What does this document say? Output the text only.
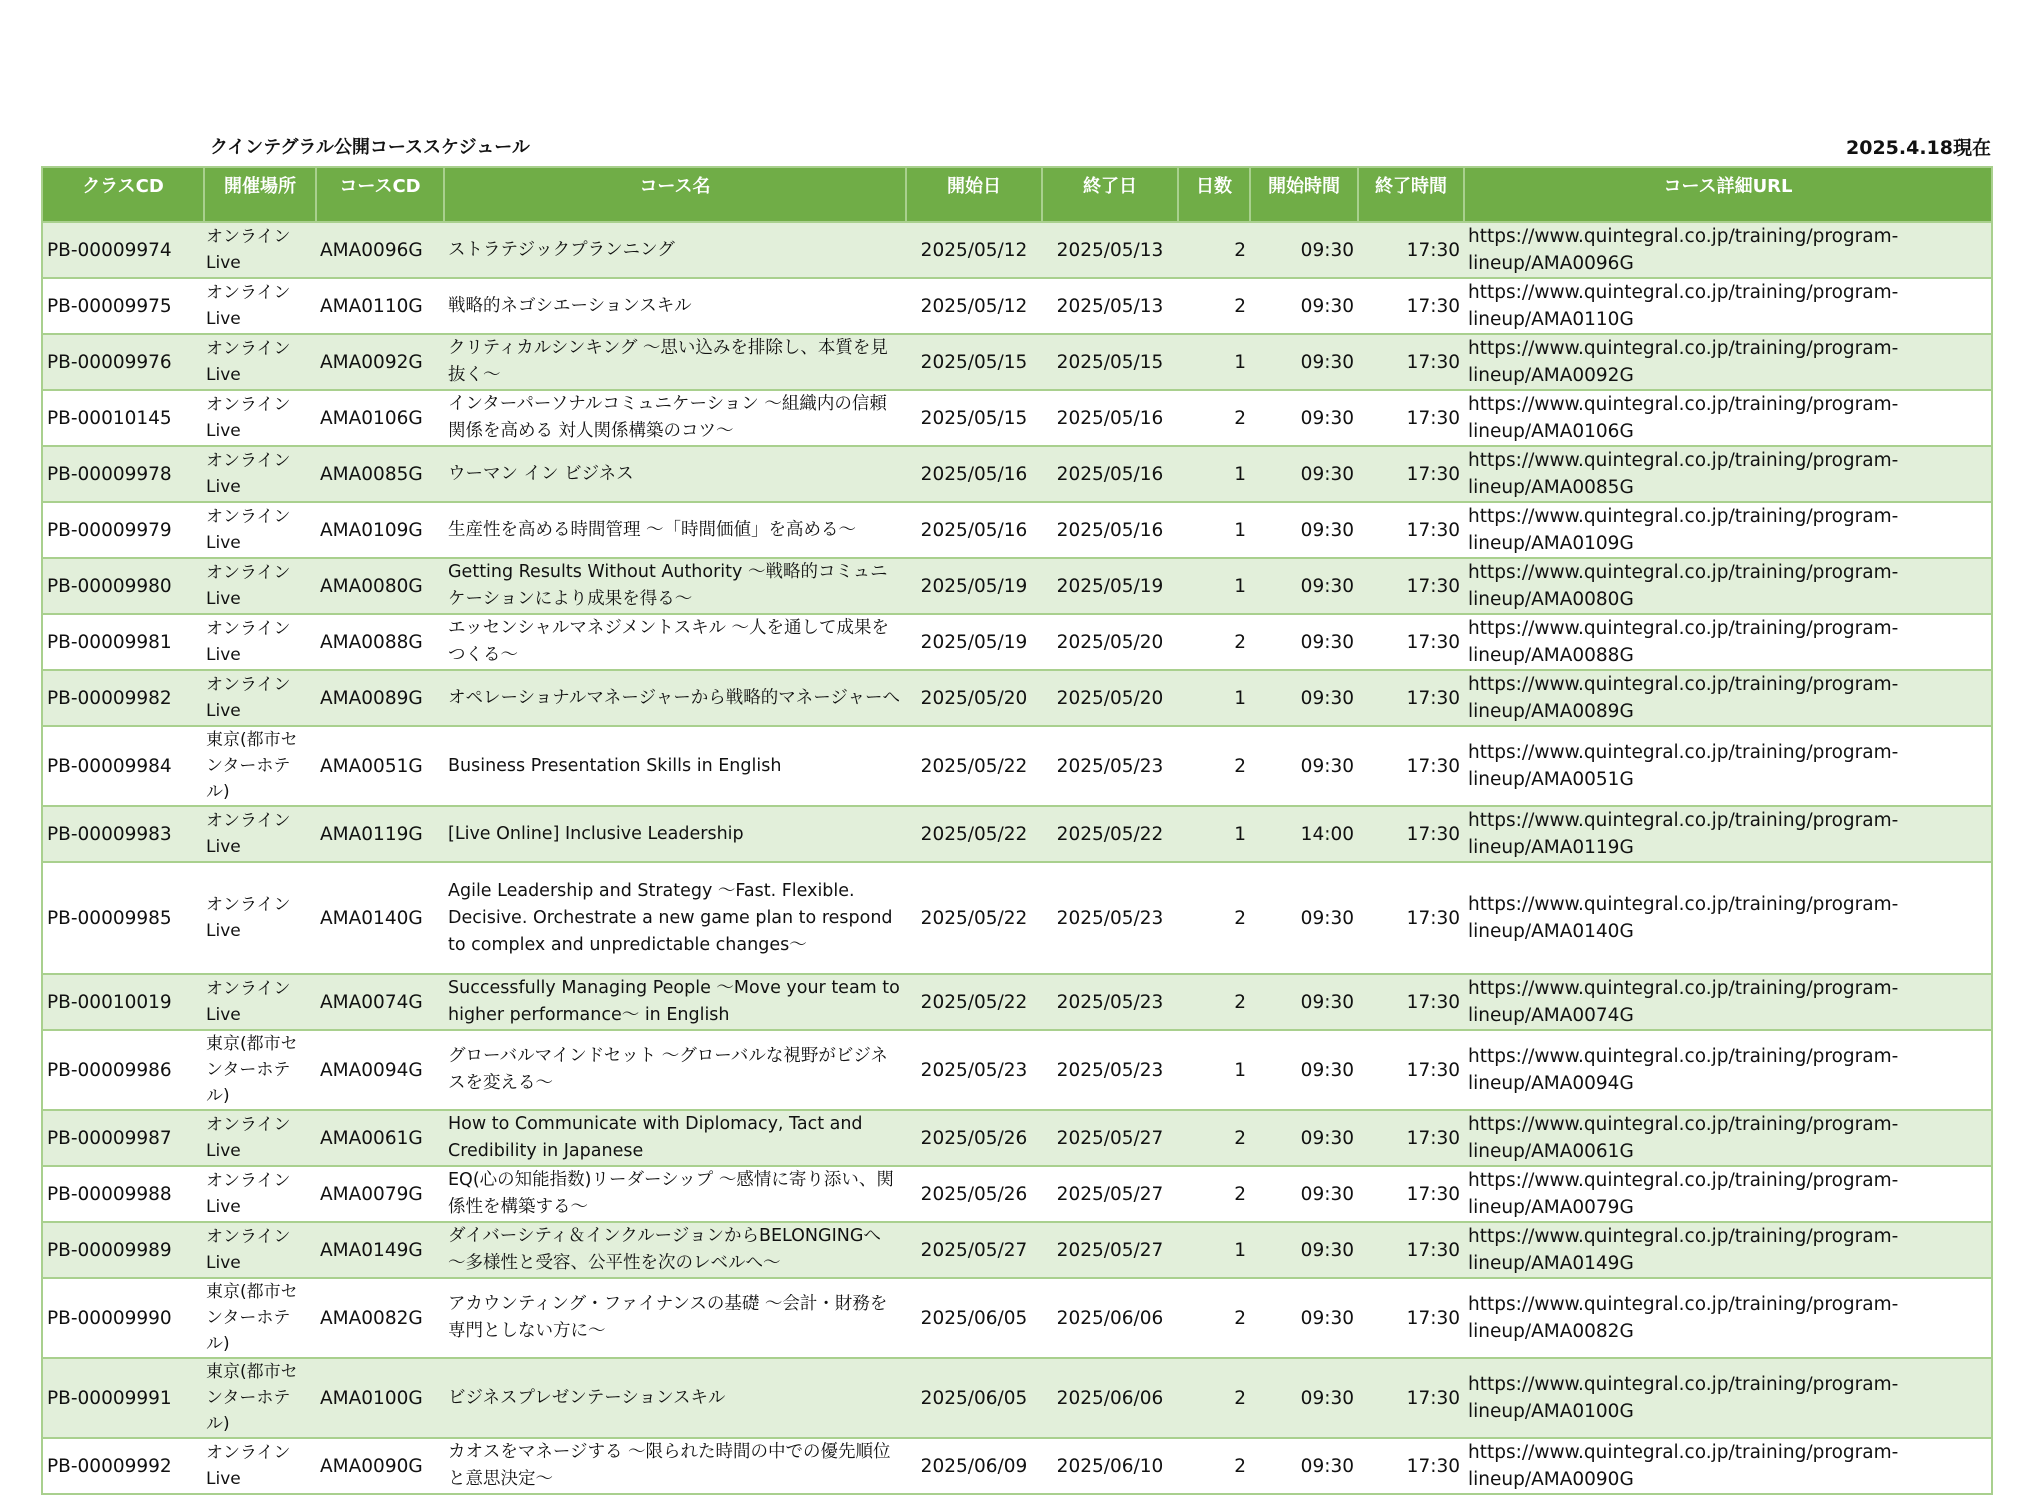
クインテグラル公開コーススケジュール	2025.4.18現在
クラスCD	開催場所	コースCD	コース名	開始日	終了日	日数	開始時間	終了時間	コース詳細URL
PB-00009974	オンライン Live	AMA0096G	ストラテジックプランニング	2025/05/12	2025/05/13	2	09:30	17:30	https://www.quintegral.co.jp/training/program-lineup/AMA0096G
PB-00009975	オンライン Live	AMA0110G	戦略的ネゴシエーションスキル	2025/05/12	2025/05/13	2	09:30	17:30	https://www.quintegral.co.jp/training/program-lineup/AMA0110G
PB-00009976	オンライン Live	AMA0092G	クリティカルシンキング ～思い込みを排除し、本質を見抜く～	2025/05/15	2025/05/15	1	09:30	17:30	https://www.quintegral.co.jp/training/program-lineup/AMA0092G
PB-00010145	オンライン Live	AMA0106G	インターパーソナルコミュニケーション ～組織内の信頼関係を高める 対人関係構築のコツ～	2025/05/15	2025/05/16	2	09:30	17:30	https://www.quintegral.co.jp/training/program-lineup/AMA0106G
PB-00009978	オンライン Live	AMA0085G	ウーマン イン ビジネス	2025/05/16	2025/05/16	1	09:30	17:30	https://www.quintegral.co.jp/training/program-lineup/AMA0085G
PB-00009979	オンライン Live	AMA0109G	生産性を高める時間管理 ～「時間価値」を高める～	2025/05/16	2025/05/16	1	09:30	17:30	https://www.quintegral.co.jp/training/program-lineup/AMA0109G
PB-00009980	オンライン Live	AMA0080G	Getting Results Without Authority ～戦略的コミュニケーションにより成果を得る～	2025/05/19	2025/05/19	1	09:30	17:30	https://www.quintegral.co.jp/training/program-lineup/AMA0080G
PB-00009981	オンライン Live	AMA0088G	エッセンシャルマネジメントスキル ～人を通して成果をつくる～	2025/05/19	2025/05/20	2	09:30	17:30	https://www.quintegral.co.jp/training/program-lineup/AMA0088G
PB-00009982	オンライン Live	AMA0089G	オペレーショナルマネージャーから戦略的マネージャーへ	2025/05/20	2025/05/20	1	09:30	17:30	https://www.quintegral.co.jp/training/program-lineup/AMA0089G
PB-00009984	東京(都市センターホテル)	AMA0051G	Business Presentation Skills in English	2025/05/22	2025/05/23	2	09:30	17:30	https://www.quintegral.co.jp/training/program-lineup/AMA0051G
PB-00009983	オンライン Live	AMA0119G	[Live Online] Inclusive Leadership	2025/05/22	2025/05/22	1	14:00	17:30	https://www.quintegral.co.jp/training/program-lineup/AMA0119G
PB-00009985	オンライン Live	AMA0140G	Agile Leadership and Strategy ～Fast. Flexible. Decisive. Orchestrate a new game plan to respond to complex and unpredictable changes～	2025/05/22	2025/05/23	2	09:30	17:30	https://www.quintegral.co.jp/training/program-lineup/AMA0140G
PB-00010019	オンライン Live	AMA0074G	Successfully Managing People ～Move your team to higher performance～ in English	2025/05/22	2025/05/23	2	09:30	17:30	https://www.quintegral.co.jp/training/program-lineup/AMA0074G
PB-00009986	東京(都市センターホテル)	AMA0094G	グローバルマインドセット ～グローバルな視野がビジネスを変える～	2025/05/23	2025/05/23	1	09:30	17:30	https://www.quintegral.co.jp/training/program-lineup/AMA0094G
PB-00009987	オンライン Live	AMA0061G	How to Communicate with Diplomacy, Tact and Credibility in Japanese	2025/05/26	2025/05/27	2	09:30	17:30	https://www.quintegral.co.jp/training/program-lineup/AMA0061G
PB-00009988	オンライン Live	AMA0079G	EQ(心の知能指数)リーダーシップ ～感情に寄り添い、関係性を構築する～	2025/05/26	2025/05/27	2	09:30	17:30	https://www.quintegral.co.jp/training/program-lineup/AMA0079G
PB-00009989	オンライン Live	AMA0149G	ダイバーシティ＆インクルージョンからBELONGINGへ ～多様性と受容、公平性を次のレベルへ～	2025/05/27	2025/05/27	1	09:30	17:30	https://www.quintegral.co.jp/training/program-lineup/AMA0149G
PB-00009990	東京(都市センターホテル)	AMA0082G	アカウンティング・ファイナンスの基礎 ～会計・財務を専門としない方に～	2025/06/05	2025/06/06	2	09:30	17:30	https://www.quintegral.co.jp/training/program-lineup/AMA0082G
PB-00009991	東京(都市センターホテル)	AMA0100G	ビジネスプレゼンテーションスキル	2025/06/05	2025/06/06	2	09:30	17:30	https://www.quintegral.co.jp/training/program-lineup/AMA0100G
PB-00009992	オンライン Live	AMA0090G	カオスをマネージする ～限られた時間の中での優先順位と意思決定～	2025/06/09	2025/06/10	2	09:30	17:30	https://www.quintegral.co.jp/training/program-lineup/AMA0090G
